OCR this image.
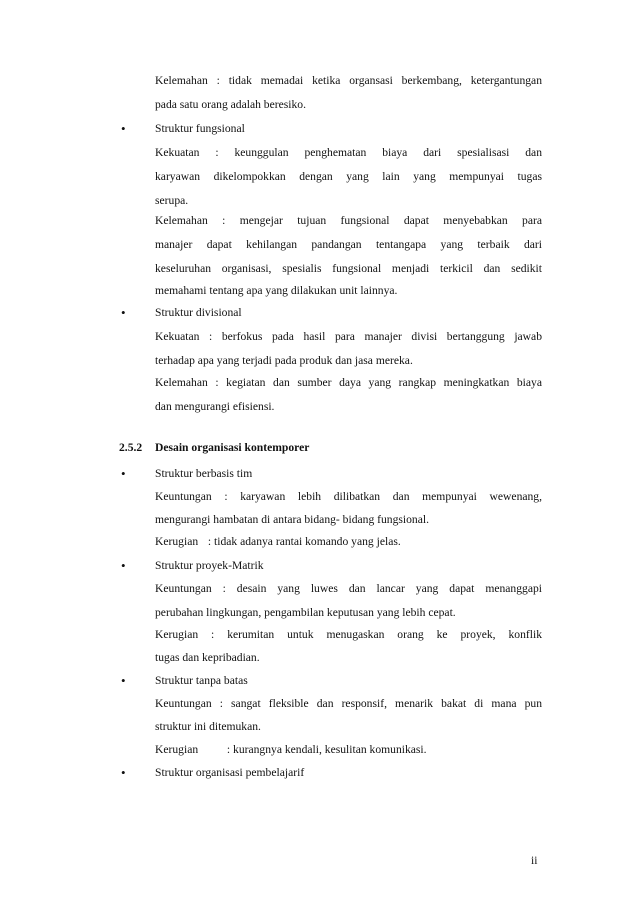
Kelemahan : tidak memadai ketika organsasi berkembang, ketergantungan
pada satu orang adalah beresiko.
•	Struktur fungsional
Kekuatan : keunggulan penghematan biaya dari spesialisasi dan
karyawan dikelompokkan dengan yang lain yang mempunyai tugas
serupa.
Kelemahan : mengejar tujuan fungsional dapat menyebabkan para
manajer dapat kehilangan pandangan tentangapa yang terbaik dari
keseluruhan organisasi, spesialis fungsional menjadi terkicil dan sedikit
memahami tentang apa yang dilakukan unit lainnya.
•	Struktur divisional
Kekuatan : berfokus pada hasil para manajer divisi bertanggung jawab
terhadap apa yang terjadi pada produk dan jasa mereka.
Kelemahan : kegiatan dan sumber daya yang rangkap meningkatkan biaya
dan mengurangi efisiensi.
2.5.2 Desain organisasi kontemporer
•	Struktur berbasis tim
Keuntungan : karyawan lebih dilibatkan dan mempunyai wewenang,
mengurangi hambatan di antara bidang- bidang fungsional.
Kerugian : tidak adanya rantai komando yang jelas.
•	Struktur proyek-Matrik
Keuntungan : desain yang luwes dan lancar yang dapat menanggapi
perubahan lingkungan, pengambilan keputusan yang lebih cepat.
Kerugian : kerumitan untuk menugaskan orang ke proyek, konflik
tugas dan kepribadian.
•	Struktur tanpa batas
Keuntungan : sangat fleksible dan responsif, menarik bakat di mana pun
struktur ini ditemukan.
Kerugian : kurangnya kendali, kesulitan komunikasi.
•	Struktur organisasi pembelajarif
ii
